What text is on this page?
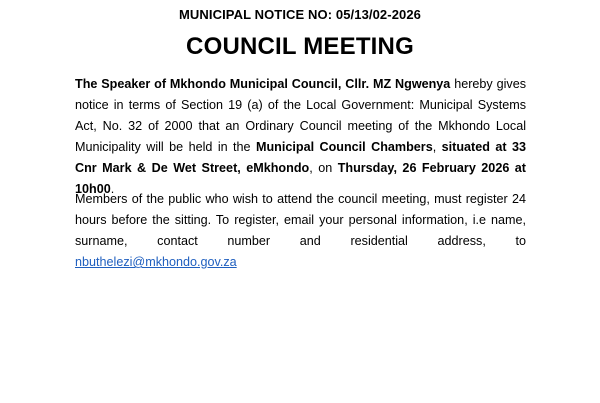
MUNICIPAL NOTICE NO: 05/13/02-2026
COUNCIL MEETING
The Speaker of Mkhondo Municipal Council, Cllr. MZ Ngwenya hereby gives notice in terms of Section 19 (a) of the Local Government: Municipal Systems Act, No. 32 of 2000 that an Ordinary Council meeting of the Mkhondo Local Municipality will be held in the Municipal Council Chambers, situated at 33 Cnr Mark & De Wet Street, eMkhondo, on Thursday, 26 February 2026 at 10h00.
Members of the public who wish to attend the council meeting, must register 24 hours before the sitting. To register, email your personal information, i.e name, surname, contact number and residential address, to nbuthelezi@mkhondo.gov.za
